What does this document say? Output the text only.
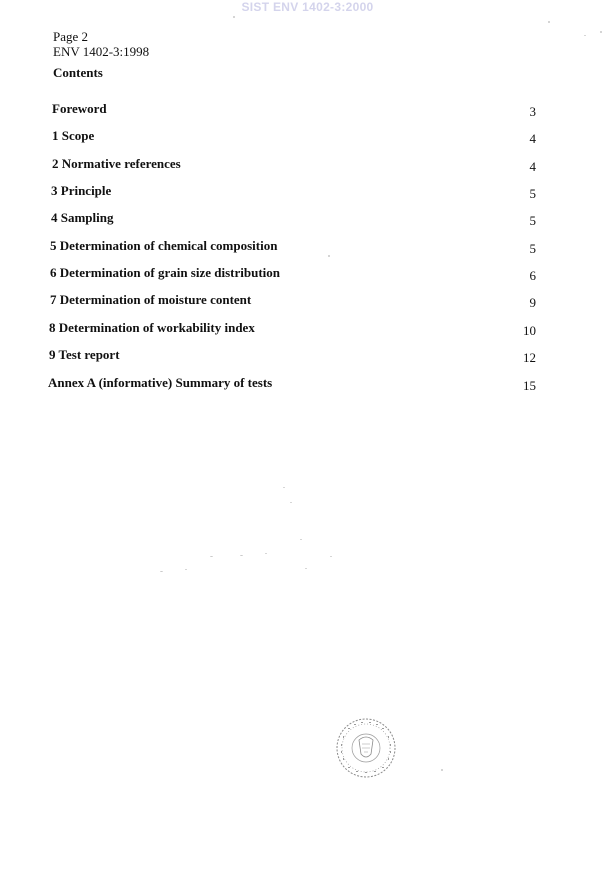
SIST ENV 1402-3:2000
Page 2
ENV 1402-3:1998
Contents
Foreword	3
1 Scope	4
2 Normative references	4
3 Principle	5
4 Sampling	5
5 Determination of chemical composition	5
6 Determination of grain size distribution	6
7 Determination of moisture content	9
8 Determination of workability index	10
9 Test report	12
Annex A (informative) Summary of tests	15
